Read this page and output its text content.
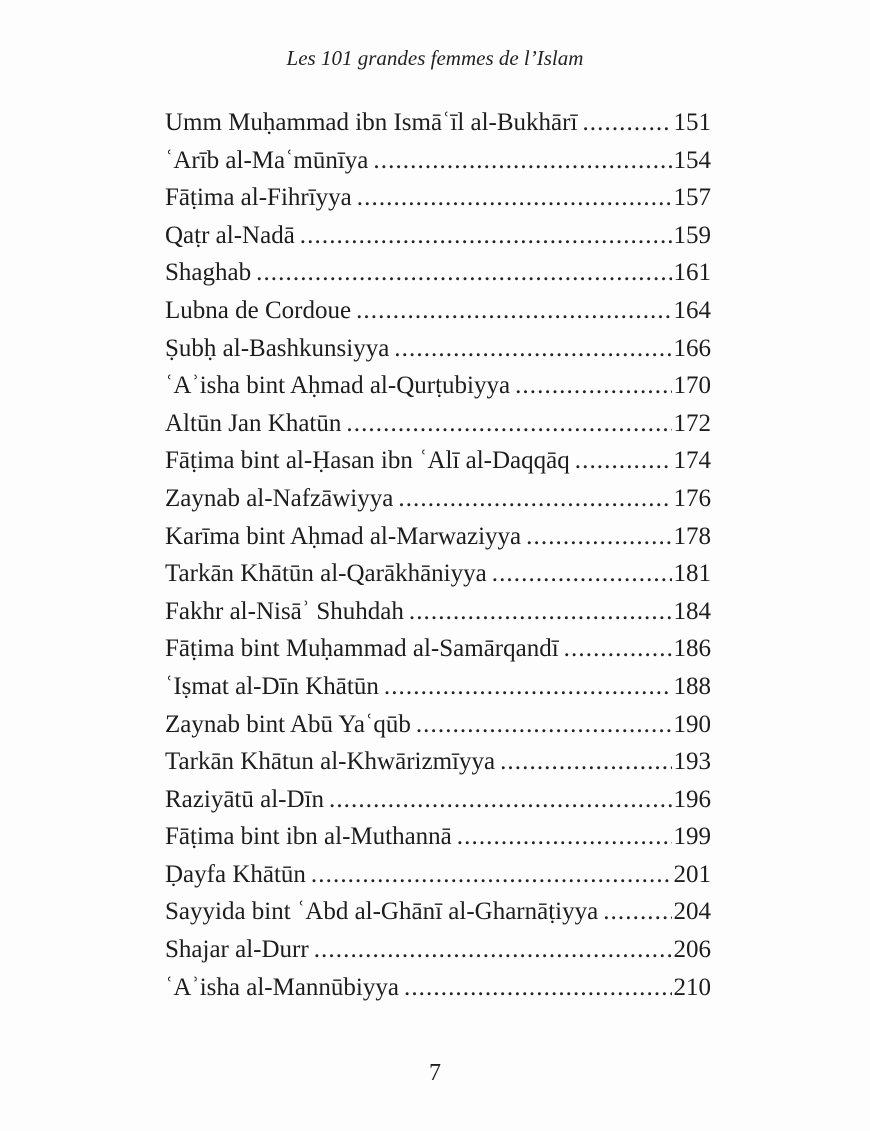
Les 101 grandes femmes de l’Islam
Umm Muḥammad ibn Ismāʿīl al-Bukhārī .....	151
ʿArīb al-Maʿmūnīya .....	154
Fāṭima al-Fihrīyya .....	157
Qaṭr al-Nadā .....	159
Shaghab .....	161
Lubna de Cordoue .....	164
Ṣubḥ al-Bashkunsiyya .....	166
ʿAʾisha bint Aḥmad al-Qurṭubiyya .....	170
Altūn Jan Khatūn .....	172
Fāṭima bint al-Ḥasan ibn ʿAlī al-Daqqāq .....	174
Zaynab al-Nafzāwiyya .....	176
Karīma bint Aḥmad al-Marwaziyya .....	178
Tarkān Khātūn al-Qarākhāniyya .....	181
Fakhr al-Nisāʾ Shuhdah .....	184
Fāṭima bint Muḥammad al-Samārqandī .....	186
ʿIṣmat al-Dīn Khātūn .....	188
Zaynab bint Abū Yaʿqūb .....	190
Tarkān Khātun al-Khwārizmīyya .....	193
Raziyātū al-Dīn .....	196
Fāṭima bint ibn al-Muthannā .....	199
Ḍayfa Khātūn .....	201
Sayyida bint ʿAbd al-Ghānī al-Gharnāṭiyya .....	204
Shajar al-Durr .....	206
ʿAʾisha al-Mannūbiyya .....	210
7
